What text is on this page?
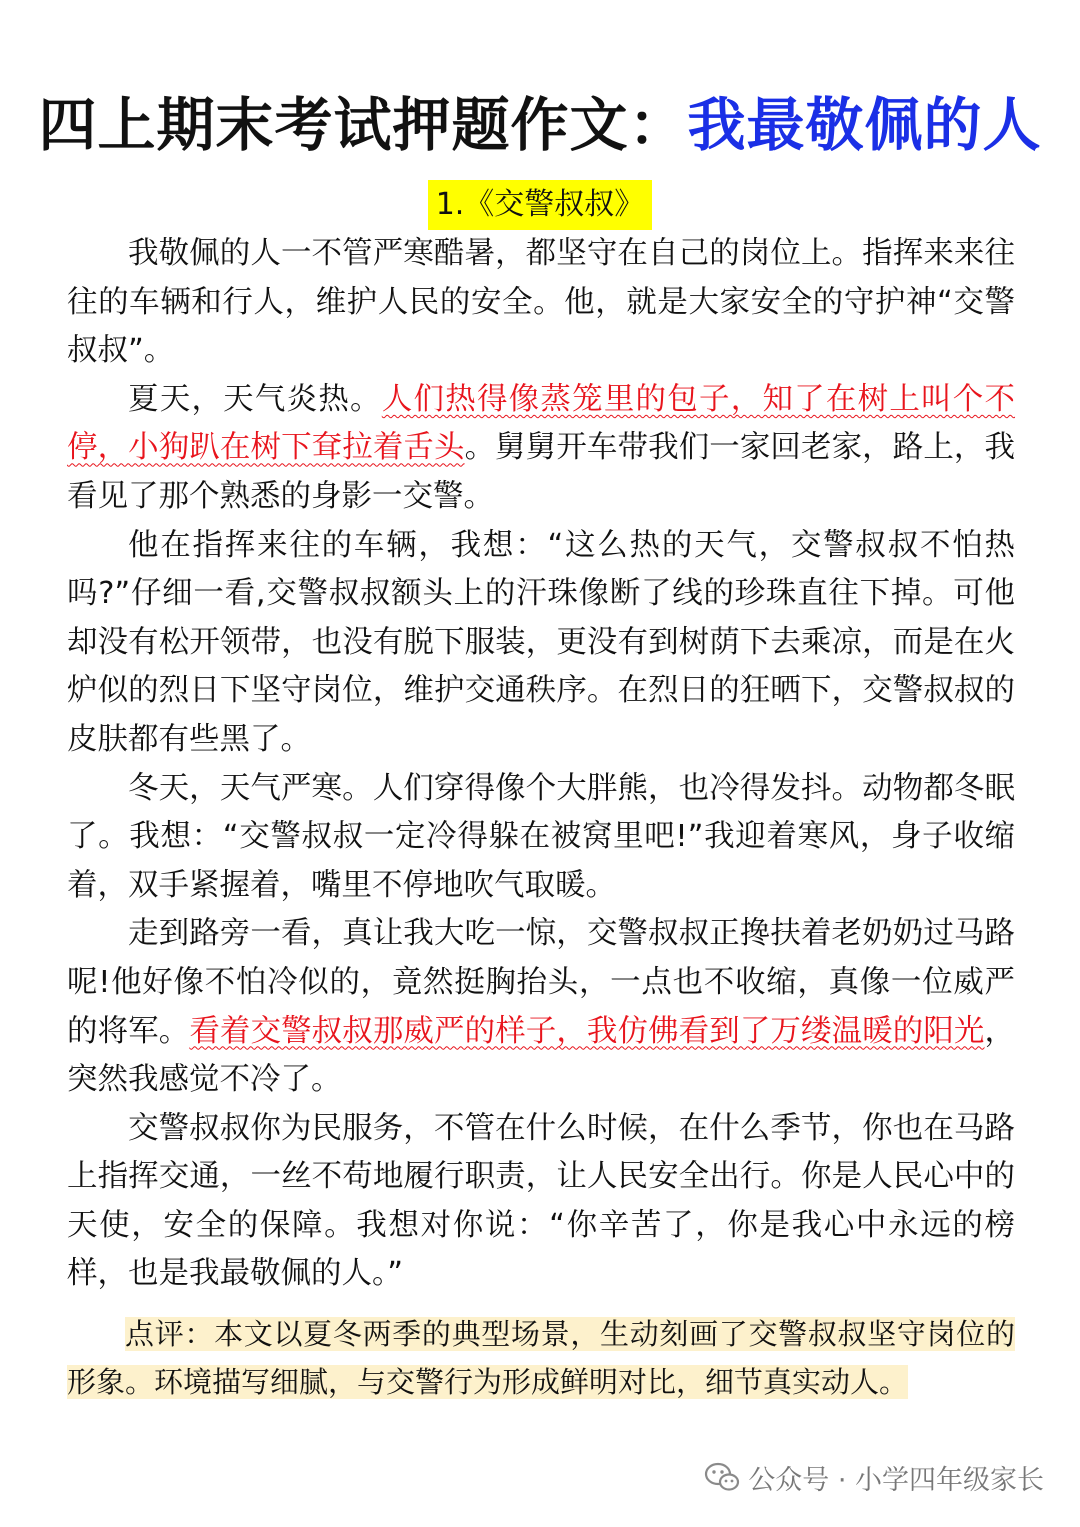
四上期末考试押题作文：我最敬佩的人
1.《交警叔叔》

我敬佩的人一不管严寒酷暑，都坚守在自己的岗位上。指挥来来往往的车辆和行人，维护人民的安全。他，就是大家安全的守护神“交警叔叔”。

夏天，天气炎热。人们热得像蒸笼里的包子，知了在树上叫个不停，小狗趴在树下耷拉着舌头。舅舅开车带我们一家回老家，路上，我看见了那个熟悉的身影一交警。

他在指挥来往的车辆，我想：“这么热的天气，交警叔叔不怕热吗?”仔细一看,交警叔叔额头上的汗珠像断了线的珍珠直往下掉。可他却没有松开领带，也没有脱下服装，更没有到树荫下去乘凉，而是在火炉似的烈日下坚守岗位，维护交通秩序。在烈日的狂晒下，交警叔叔的皮肤都有些黑了。

冬天，天气严寒。人们穿得像个大胖熊，也冷得发抖。动物都冬眠了。我想：“交警叔叔一定冷得躲在被窝里吧!”我迎着寒风，身子收缩着，双手紧握着，嘴里不停地吹气取暖。

走到路旁一看，真让我大吃一惊，交警叔叔正搀扶着老奶奶过马路呢!他好像不怕冷似的，竟然挺胸抬头，一点也不收缩，真像一位威严的将军。看着交警叔叔那威严的样子，我仿佛看到了万缕温暖的阳光，突然我感觉不冷了。

交警叔叔你为民服务，不管在什么时候，在什么季节，你也在马路上指挥交通，一丝不苟地履行职责，让人民安全出行。你是人民心中的天使，安全的保障。我想对你说：“你辛苦了，你是我心中永远的榜样，也是我最敬佩的人。”

点评：本文以夏冬两季的典型场景，生动刻画了交警叔叔坚守岗位的形象。环境描写细腻，与交警行为形成鲜明对比，细节真实动人。

公众号 · 小学四年级家长
